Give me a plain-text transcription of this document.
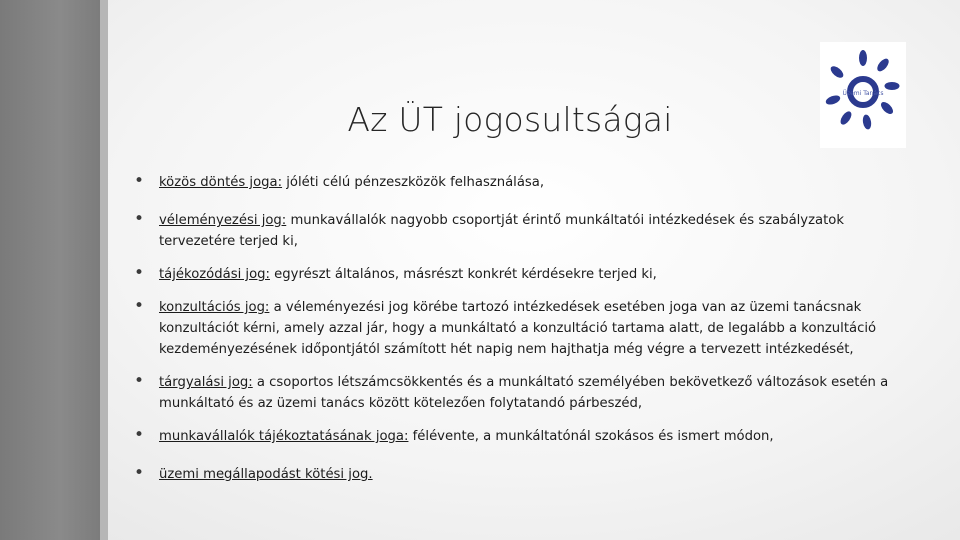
Üzemi Tanács
Az ÜT jogosultságai
• közös döntés joga: jóléti célú pénzeszközök felhasználása,
• véleményezési jog: munkavállalók nagyobb csoportját érintő munkáltatói intézkedések és szabályzatok tervezetére terjed ki,
• tájékozódási jog: egyrészt általános, másrészt konkrét kérdésekre terjed ki,
• konzultációs jog: a véleményezési jog körébe tartozó intézkedések esetében joga van az üzemi tanácsnak konzultációt kérni, amely azzal jár, hogy a munkáltató a konzultáció tartama alatt, de legalább a konzultáció kezdeményezésének időpontjától számított hét napig nem hajthatja még végre a tervezett intézkedését,
• tárgyalási jog: a csoportos létszámcsökkentés és a munkáltató személyében bekövetkező változások esetén a munkáltató és az üzemi tanács között kötelezően folytatandó párbeszéd,
• munkavállalók tájékoztatásának joga: félévente, a munkáltatónál szokásos és ismert módon,
• üzemi megállapodást kötési jog.
